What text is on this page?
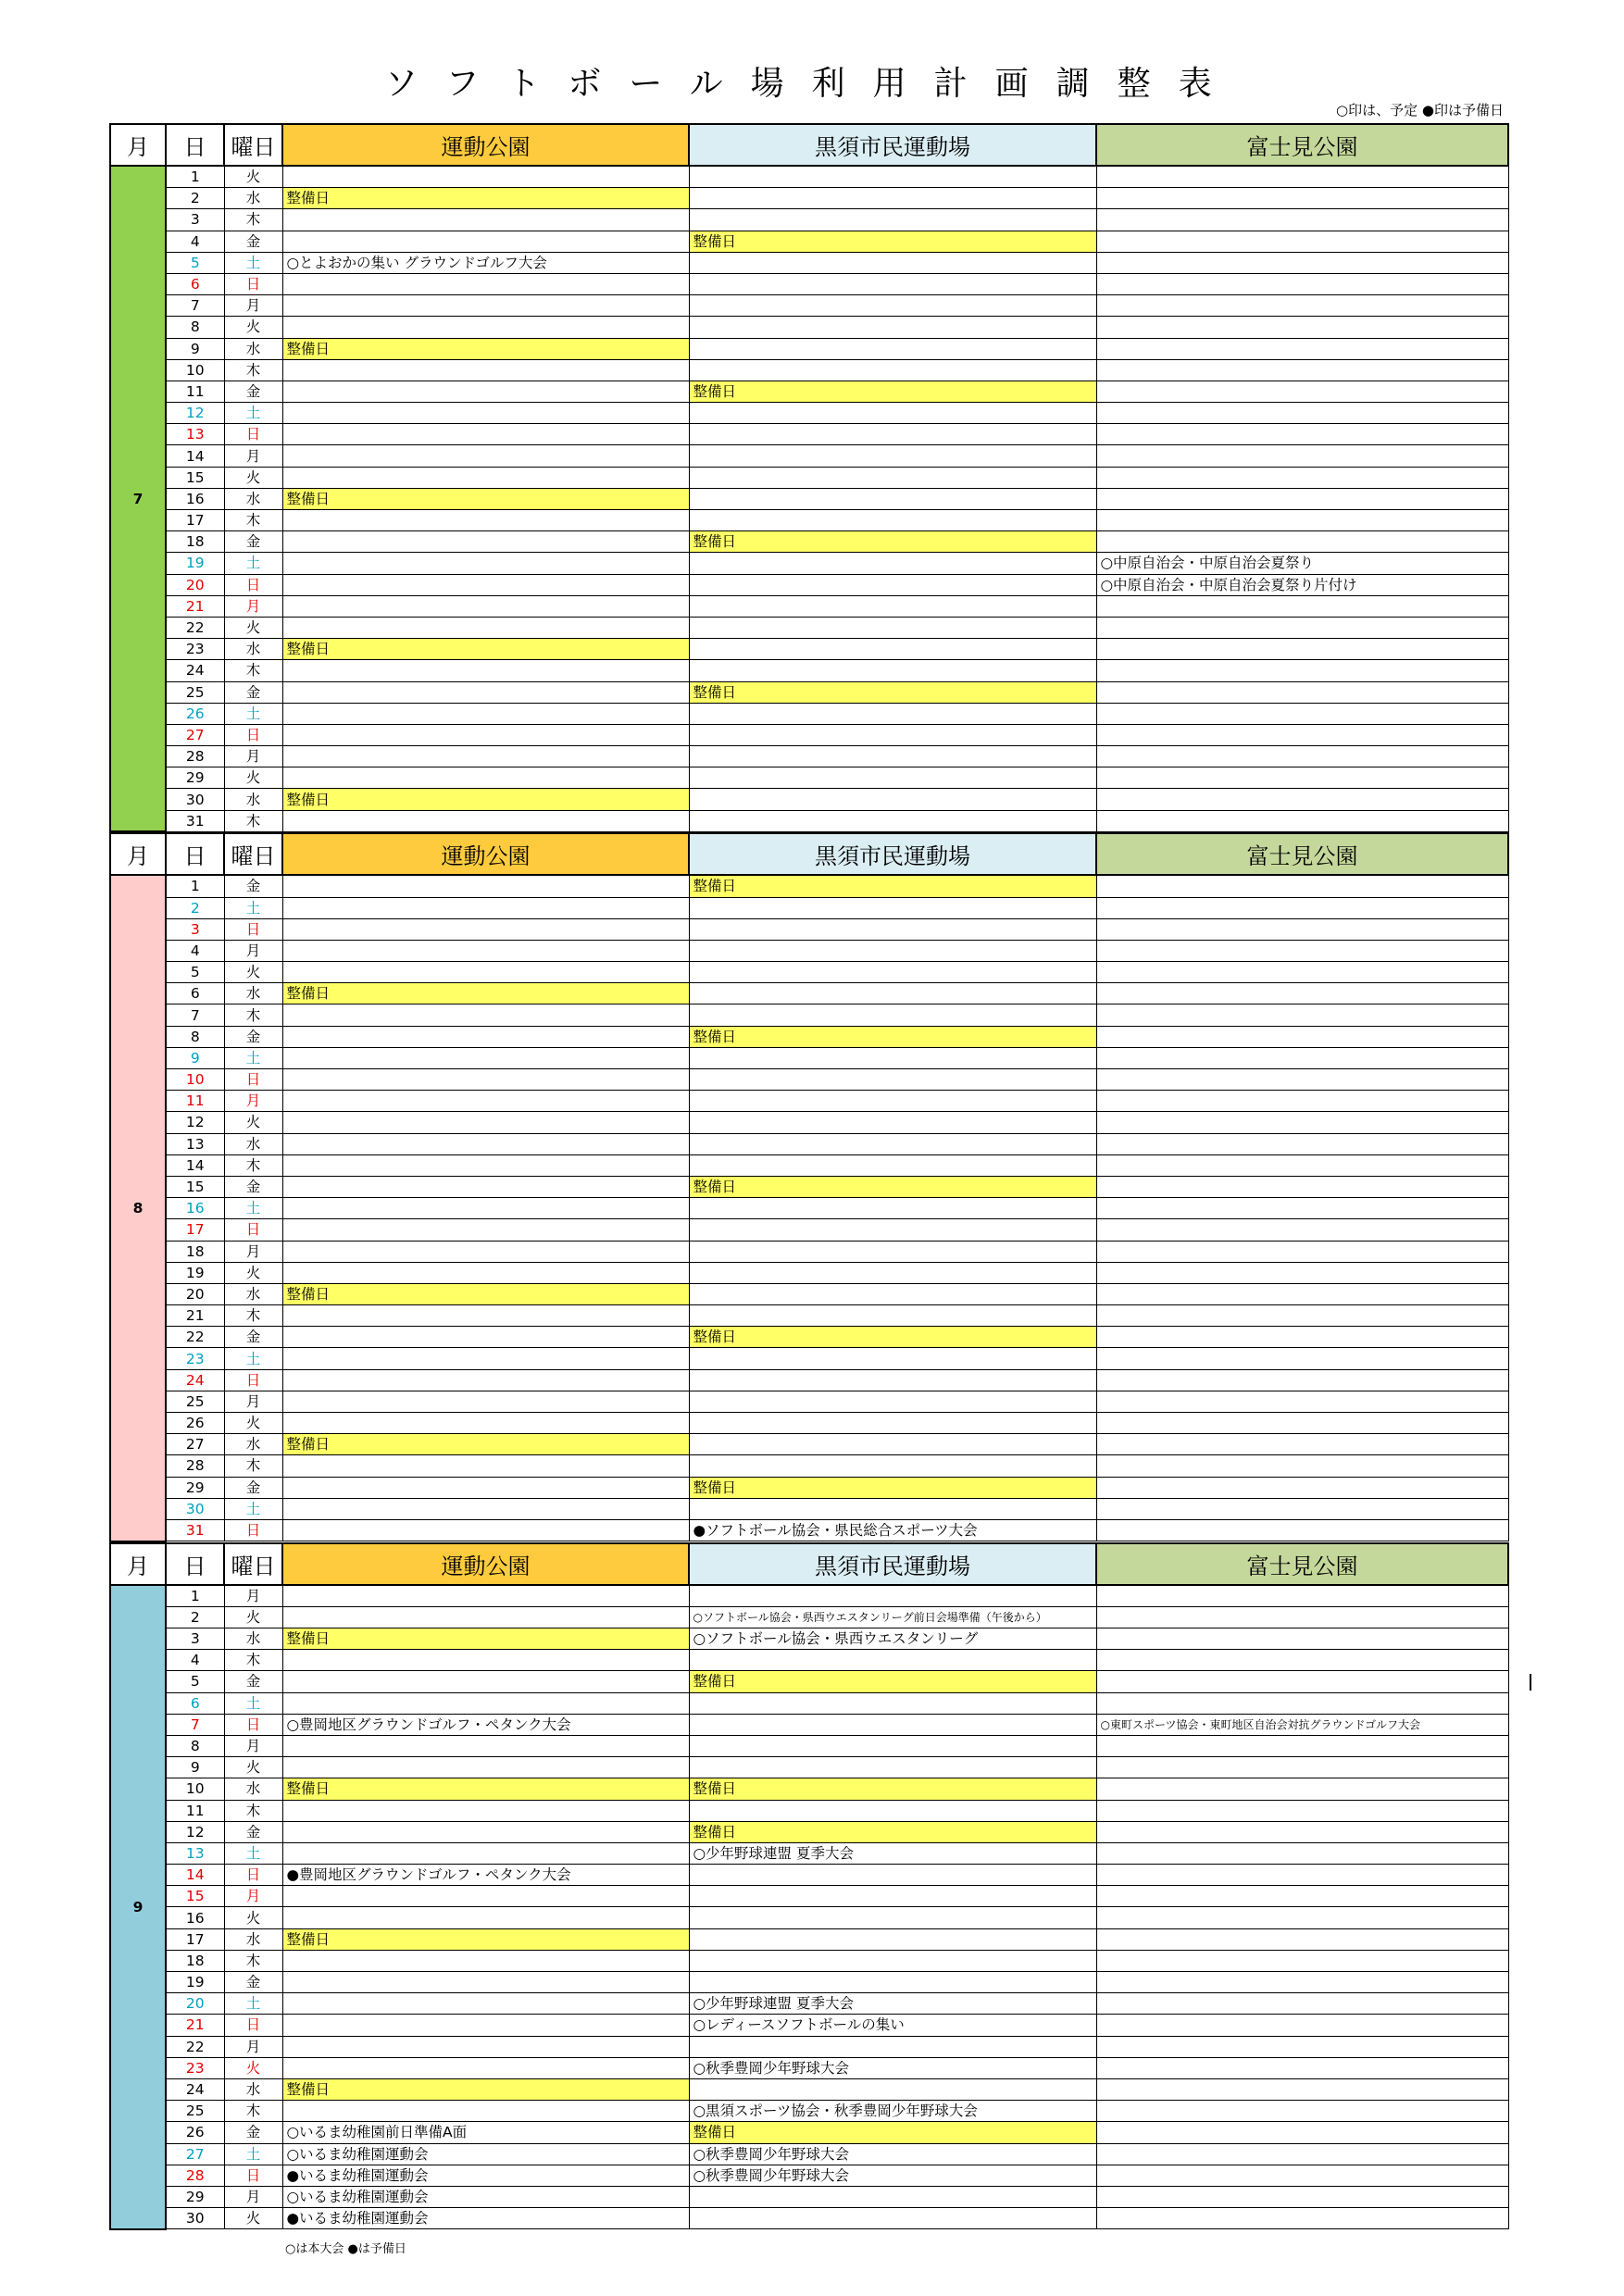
ソフトボール場利用計画調整表
○印は、予定 ●印は予備日
月	日	曜日	運動公園	黒須市民運動場	富士見公園
7	1	火			
	2	水	整備日		
	3	木			
	4	金		整備日	
	5	土	○とよおかの集い グラウンドゴルフ大会		
	6	日			
	7	月			
	8	火			
	9	水	整備日		
	10	木			
	11	金		整備日	
	12	土			
	13	日			
	14	月			
	15	火			
	16	水	整備日		
	17	木			
	18	金		整備日	
	19	土			○中原自治会・中原自治会夏祭り
	20	日			○中原自治会・中原自治会夏祭り片付け
	21	月			
	22	火			
	23	水	整備日		
	24	木			
	25	金		整備日	
	26	土			
	27	日			
	28	月			
	29	火			
	30	水	整備日		
	31	木			
月	日	曜日	運動公園	黒須市民運動場	富士見公園
8	1	金		整備日	
	2	土			
	3	日			
	4	月			
	5	火			
	6	水	整備日		
	7	木			
	8	金		整備日	
	9	土			
	10	日			
	11	月			
	12	火			
	13	水			
	14	木			
	15	金		整備日	
	16	土			
	17	日			
	18	月			
	19	火			
	20	水	整備日		
	21	木			
	22	金		整備日	
	23	土			
	24	日			
	25	月			
	26	火			
	27	水	整備日		
	28	木			
	29	金		整備日	
	30	土			
	31	日		●ソフトボール協会・県民総合スポーツ大会	
月	日	曜日	運動公園	黒須市民運動場	富士見公園
9	1	月			
	2	火		○ソフトボール協会・県西ウエスタンリーグ前日会場準備（午後から）	
	3	水	整備日	○ソフトボール協会・県西ウエスタンリーグ	
	4	木			
	5	金		整備日	
	6	土			
	7	日	○豊岡地区グラウンドゴルフ・ペタンク大会		○東町スポーツ協会・東町地区自治会対抗グラウンドゴルフ大会
	8	月			
	9	火			
	10	水	整備日	整備日	
	11	木			
	12	金		整備日	
	13	土		○少年野球連盟 夏季大会	
	14	日	●豊岡地区グラウンドゴルフ・ペタンク大会		
	15	月			
	16	火			
	17	水	整備日		
	18	木			
	19	金			
	20	土		○少年野球連盟 夏季大会	
	21	日		○レディースソフトボールの集い	
	22	月			
	23	火		○秋季豊岡少年野球大会	
	24	水	整備日		
	25	木		○黒須スポーツ協会・秋季豊岡少年野球大会	
	26	金	○いるま幼稚園前日準備A面	整備日	
	27	土	○いるま幼稚園運動会	○秋季豊岡少年野球大会	
	28	日	●いるま幼稚園運動会	○秋季豊岡少年野球大会	
	29	月	○いるま幼稚園運動会		
	30	火	●いるま幼稚園運動会		
○は本大会 ●は予備日
